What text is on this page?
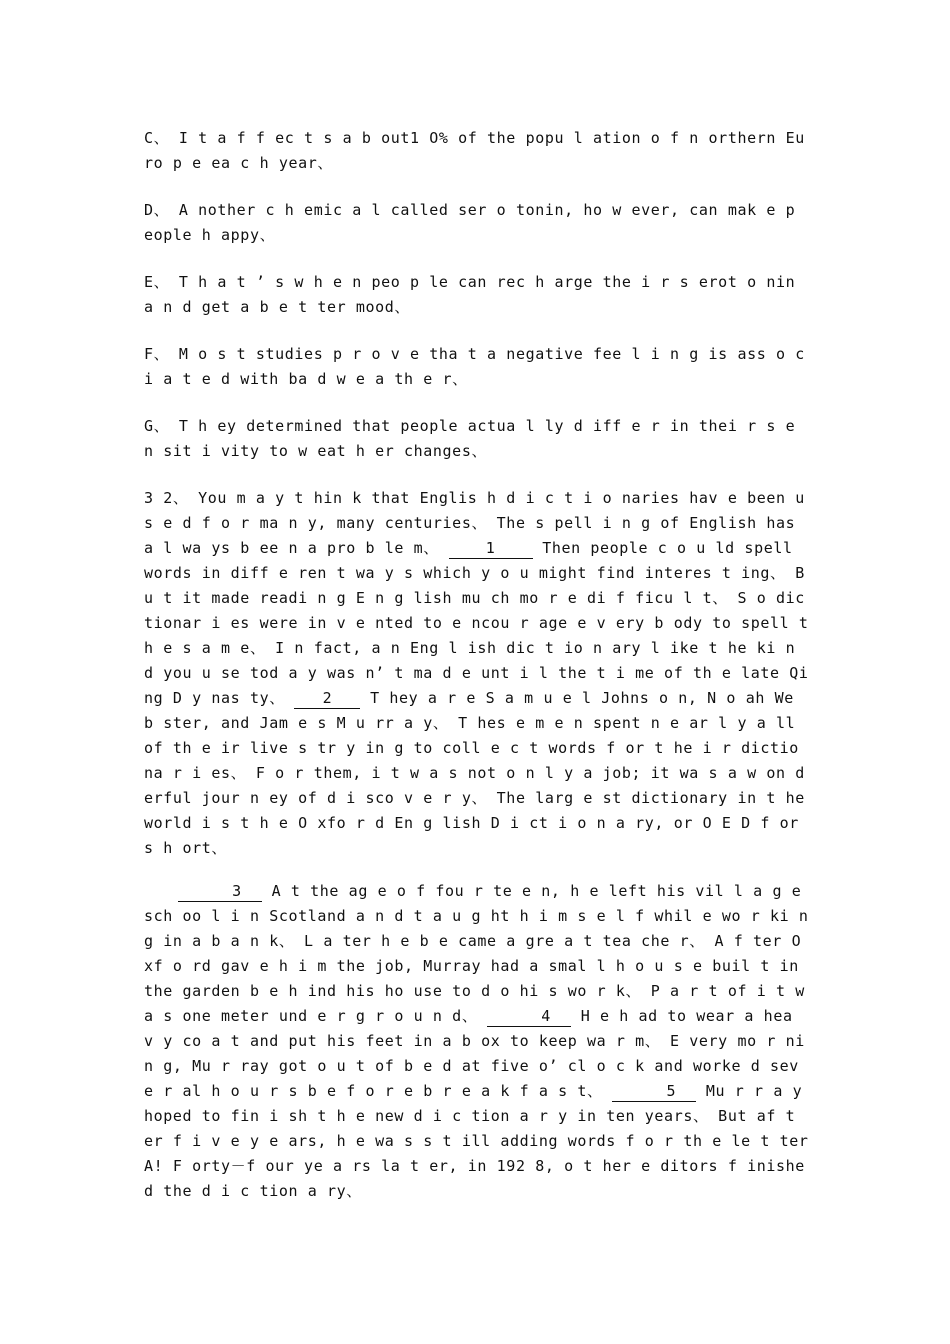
C、 I t a f f ec t s a b out1 O% of the popu l ation o f n orthern Euro p e ea c h year、

D、 A nother c h emic a l called ser o tonin, ho w ever, can mak e p eople h appy、

E、 T h a t ’ s w h e n peo p le can rec h arge the i r s erot o nin a n d get a b e t ter mood、

F、 M o s t studies p r o v e tha t a negative fee l i n g is ass o ci a t e d with ba d w e a th e r、

G、 T h ey determined that people actua l ly d iff e r in thei r s e n sit i vity to w eat h er changes、

3 2、 You m a y t hin k that Englis h d i c t i o naries hav e been us e d f o r ma n y, many centuries、 The s pell i n g of English has a l wa ys b ee n a pro b le m、	1	Then people c o u ld spell words in diff e ren t wa y s which y o u might find interes t ing、 B u t it made readi n g E n g lish mu ch mo r e di f ficu l t、 S o dictionar i es were in v e nted to e ncou r age e v ery b ody to spell t h e s a m e、 I n fact, a n Eng l ish dic t io n ary l ike t he ki n d you u se tod a y was n’ t ma d e unt i l the t i me of th e late Qing D y nas ty、	2	T hey a r e S a m u e l Johns o n, N o ah We b ster, and Jam e s M u rr a y、 T hes e m e n spent n e ar l y a ll of th e ir live s tr y in g to coll e c t words f or t he i r dictio na r i es、 F o r them, i t w a s not o n l y a job; it wa s a w on d erful jour n ey of d i sco v e r y、 The larg e st dictionary in t he world i s t h e O xfo r d En g lish D i ct i o n a ry, or O E D f or s h ort、

3 A t the ag e o f fou r te e n, h e left his vil l a g e sch oo l i n Scotland a n d t a u g ht h i m s e l f whil e wo r ki n g in a b a n k、 L a ter h e b e came a gre a t tea che r、 A f ter O xf o rd gav e h i m the job, Murray had a smal l h o u s e buil t in the garden b e h ind his ho use to d o hi s wo r k、 P a r t of i t w a s one meter und e r g r o u n d、	4 H e h ad to wear a hea v y co a t and put his feet in a b ox to keep wa r m、 E very mo r ni n g, Mu r ray got o u t of b e d at five o’ cl o c k and worke d sev e r al h o u r s b e f o r e b r e a k f a s t、	5 Mu r r a y hoped to fin i sh t h e new d i c tion a r y in ten years、 But af t er f i v e y e ars, h e wa s s t ill adding words f o r th e le t ter A! F orty－f our ye a rs la t er, in 192 8, o t her e ditors f inished the d i c tion a ry、
